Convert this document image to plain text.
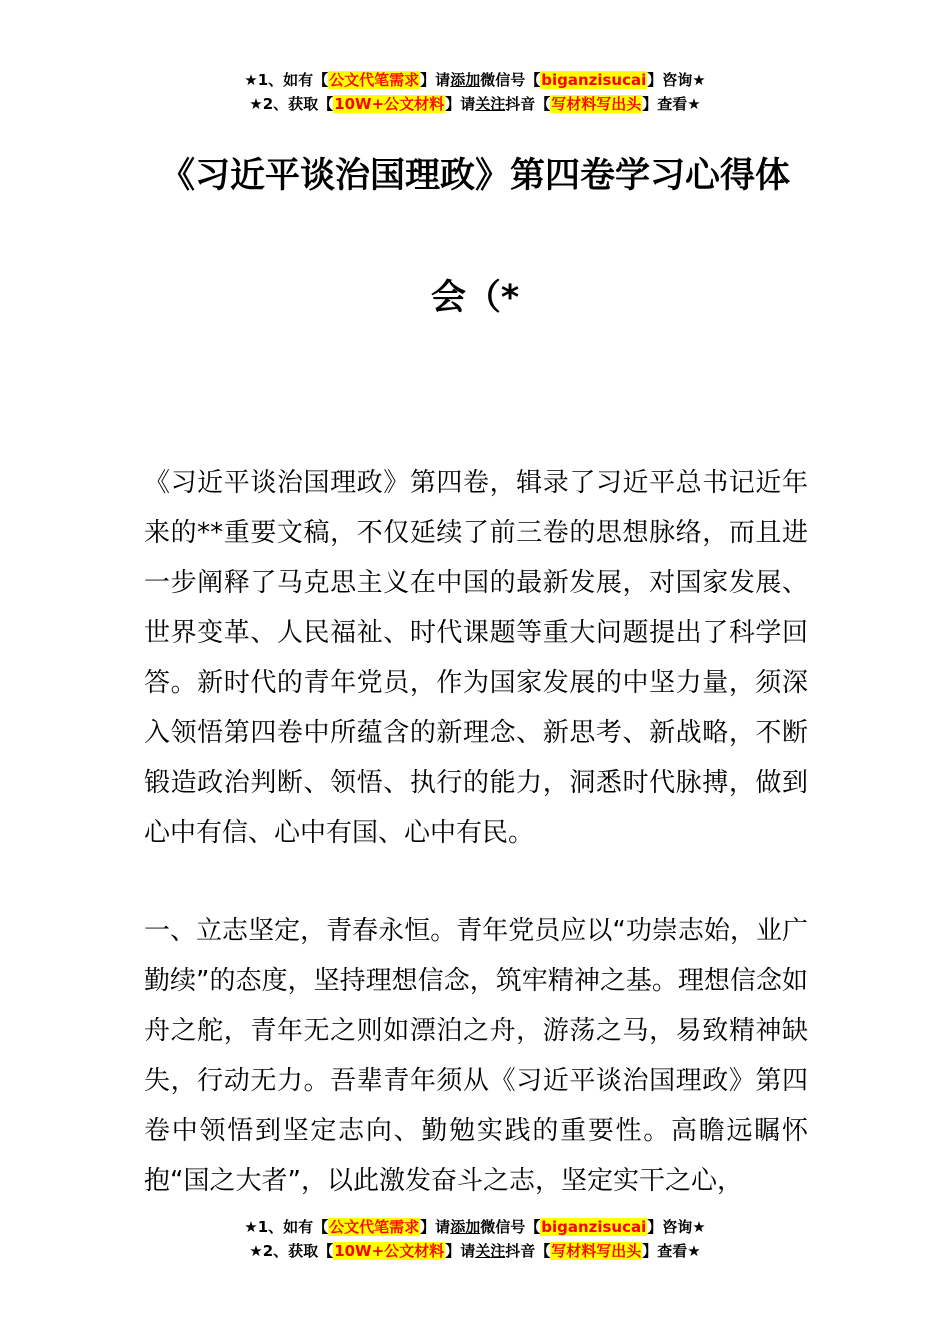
★1、如有【公文代笔需求】请添加微信号【biganzisucai】咨询★
★2、获取【10W+公文材料】请关注抖音【写材料写出头】查看★
《习近平谈治国理政》第四卷学习心得体
会（*

《习近平谈治国理政》第四卷，辑录了习近平总书记近年来的**重要文稿，不仅延续了前三卷的思想脉络，而且进一步阐释了马克思主义在中国的最新发展，对国家发展、世界变革、人民福祉、时代课题等重大问题提出了科学回答。新时代的青年党员，作为国家发展的中坚力量，须深入领悟第四卷中所蕴含的新理念、新思考、新战略，不断锻造政治判断、领悟、执行的能力，洞悉时代脉搏，做到心中有信、心中有国、心中有民。

一、立志坚定，青春永恒。青年党员应以“功崇志始，业广勤续”的态度，坚持理想信念，筑牢精神之基。理想信念如舟之舵，青年无之则如漂泊之舟，游荡之马，易致精神缺失，行动无力。吾辈青年须从《习近平谈治国理政》第四卷中领悟到坚定志向、勤勉实践的重要性。高瞻远瞩怀抱“国之大者”，以此激发奋斗之志，坚定实干之心，

★1、如有【公文代笔需求】请添加微信号【biganzisucai】咨询★
★2、获取【10W+公文材料】请关注抖音【写材料写出头】查看★
